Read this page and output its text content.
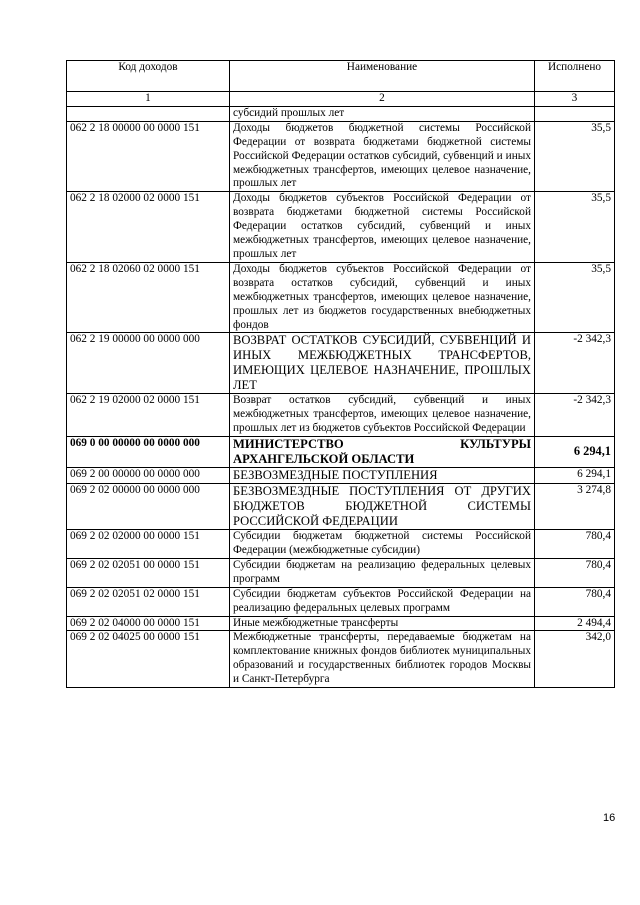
Код доходов	Наименование	Исполнено
1	2	3
	субсидий прошлых лет	
062 2 18 00000 00 0000 151	Доходы бюджетов бюджетной системы Российской Федерации от возврата бюджетами бюджетной системы Российской Федерации остатков субсидий, субвенций и иных межбюджетных трансфертов, имеющих целевое назначение, прошлых лет	35,5
062 2 18 02000 02 0000 151	Доходы бюджетов субъектов Российской Федерации от возврата бюджетами бюджетной системы Российской Федерации остатков субсидий, субвенций и иных межбюджетных трансфертов, имеющих целевое назначение, прошлых лет	35,5
062 2 18 02060 02 0000 151	Доходы бюджетов субъектов Российской Федерации от возврата остатков субсидий, субвенций и иных межбюджетных трансфертов, имеющих целевое назначение, прошлых лет из бюджетов государственных внебюджетных фондов	35,5
062 2 19 00000 00 0000 000	ВОЗВРАТ ОСТАТКОВ СУБСИДИЙ, СУБВЕНЦИЙ И ИНЫХ МЕЖБЮДЖЕТНЫХ ТРАНСФЕРТОВ, ИМЕЮЩИХ ЦЕЛЕВОЕ НАЗНАЧЕНИЕ, ПРОШЛЫХ ЛЕТ	-2 342,3
062 2 19 02000 02 0000 151	Возврат остатков субсидий, субвенций и иных межбюджетных трансфертов, имеющих целевое назначение, прошлых лет из бюджетов субъектов Российской Федерации	-2 342,3
069 0 00 00000 00 0000 000	МИНИСТЕРСТВО КУЛЬТУРЫ АРХАНГЕЛЬСКОЙ ОБЛАСТИ	6 294,1
069 2 00 00000 00 0000 000	БЕЗВОЗМЕЗДНЫЕ ПОСТУПЛЕНИЯ	6 294,1
069 2 02 00000 00 0000 000	БЕЗВОЗМЕЗДНЫЕ ПОСТУПЛЕНИЯ ОТ ДРУГИХ БЮДЖЕТОВ БЮДЖЕТНОЙ СИСТЕМЫ РОССИЙСКОЙ ФЕДЕРАЦИИ	3 274,8
069 2 02 02000 00 0000 151	Субсидии бюджетам бюджетной системы Российской Федерации (межбюджетные субсидии)	780,4
069 2 02 02051 00 0000 151	Субсидии бюджетам на реализацию федеральных целевых программ	780,4
069 2 02 02051 02 0000 151	Субсидии бюджетам субъектов Российской Федерации на реализацию федеральных целевых программ	780,4
069 2 02 04000 00 0000 151	Иные межбюджетные трансферты	2 494,4
069 2 02 04025 00 0000 151	Межбюджетные трансферты, передаваемые бюджетам на комплектование книжных фондов библиотек муниципальных образований и государственных библиотек городов Москвы и Санкт-Петербурга	342,0
16
